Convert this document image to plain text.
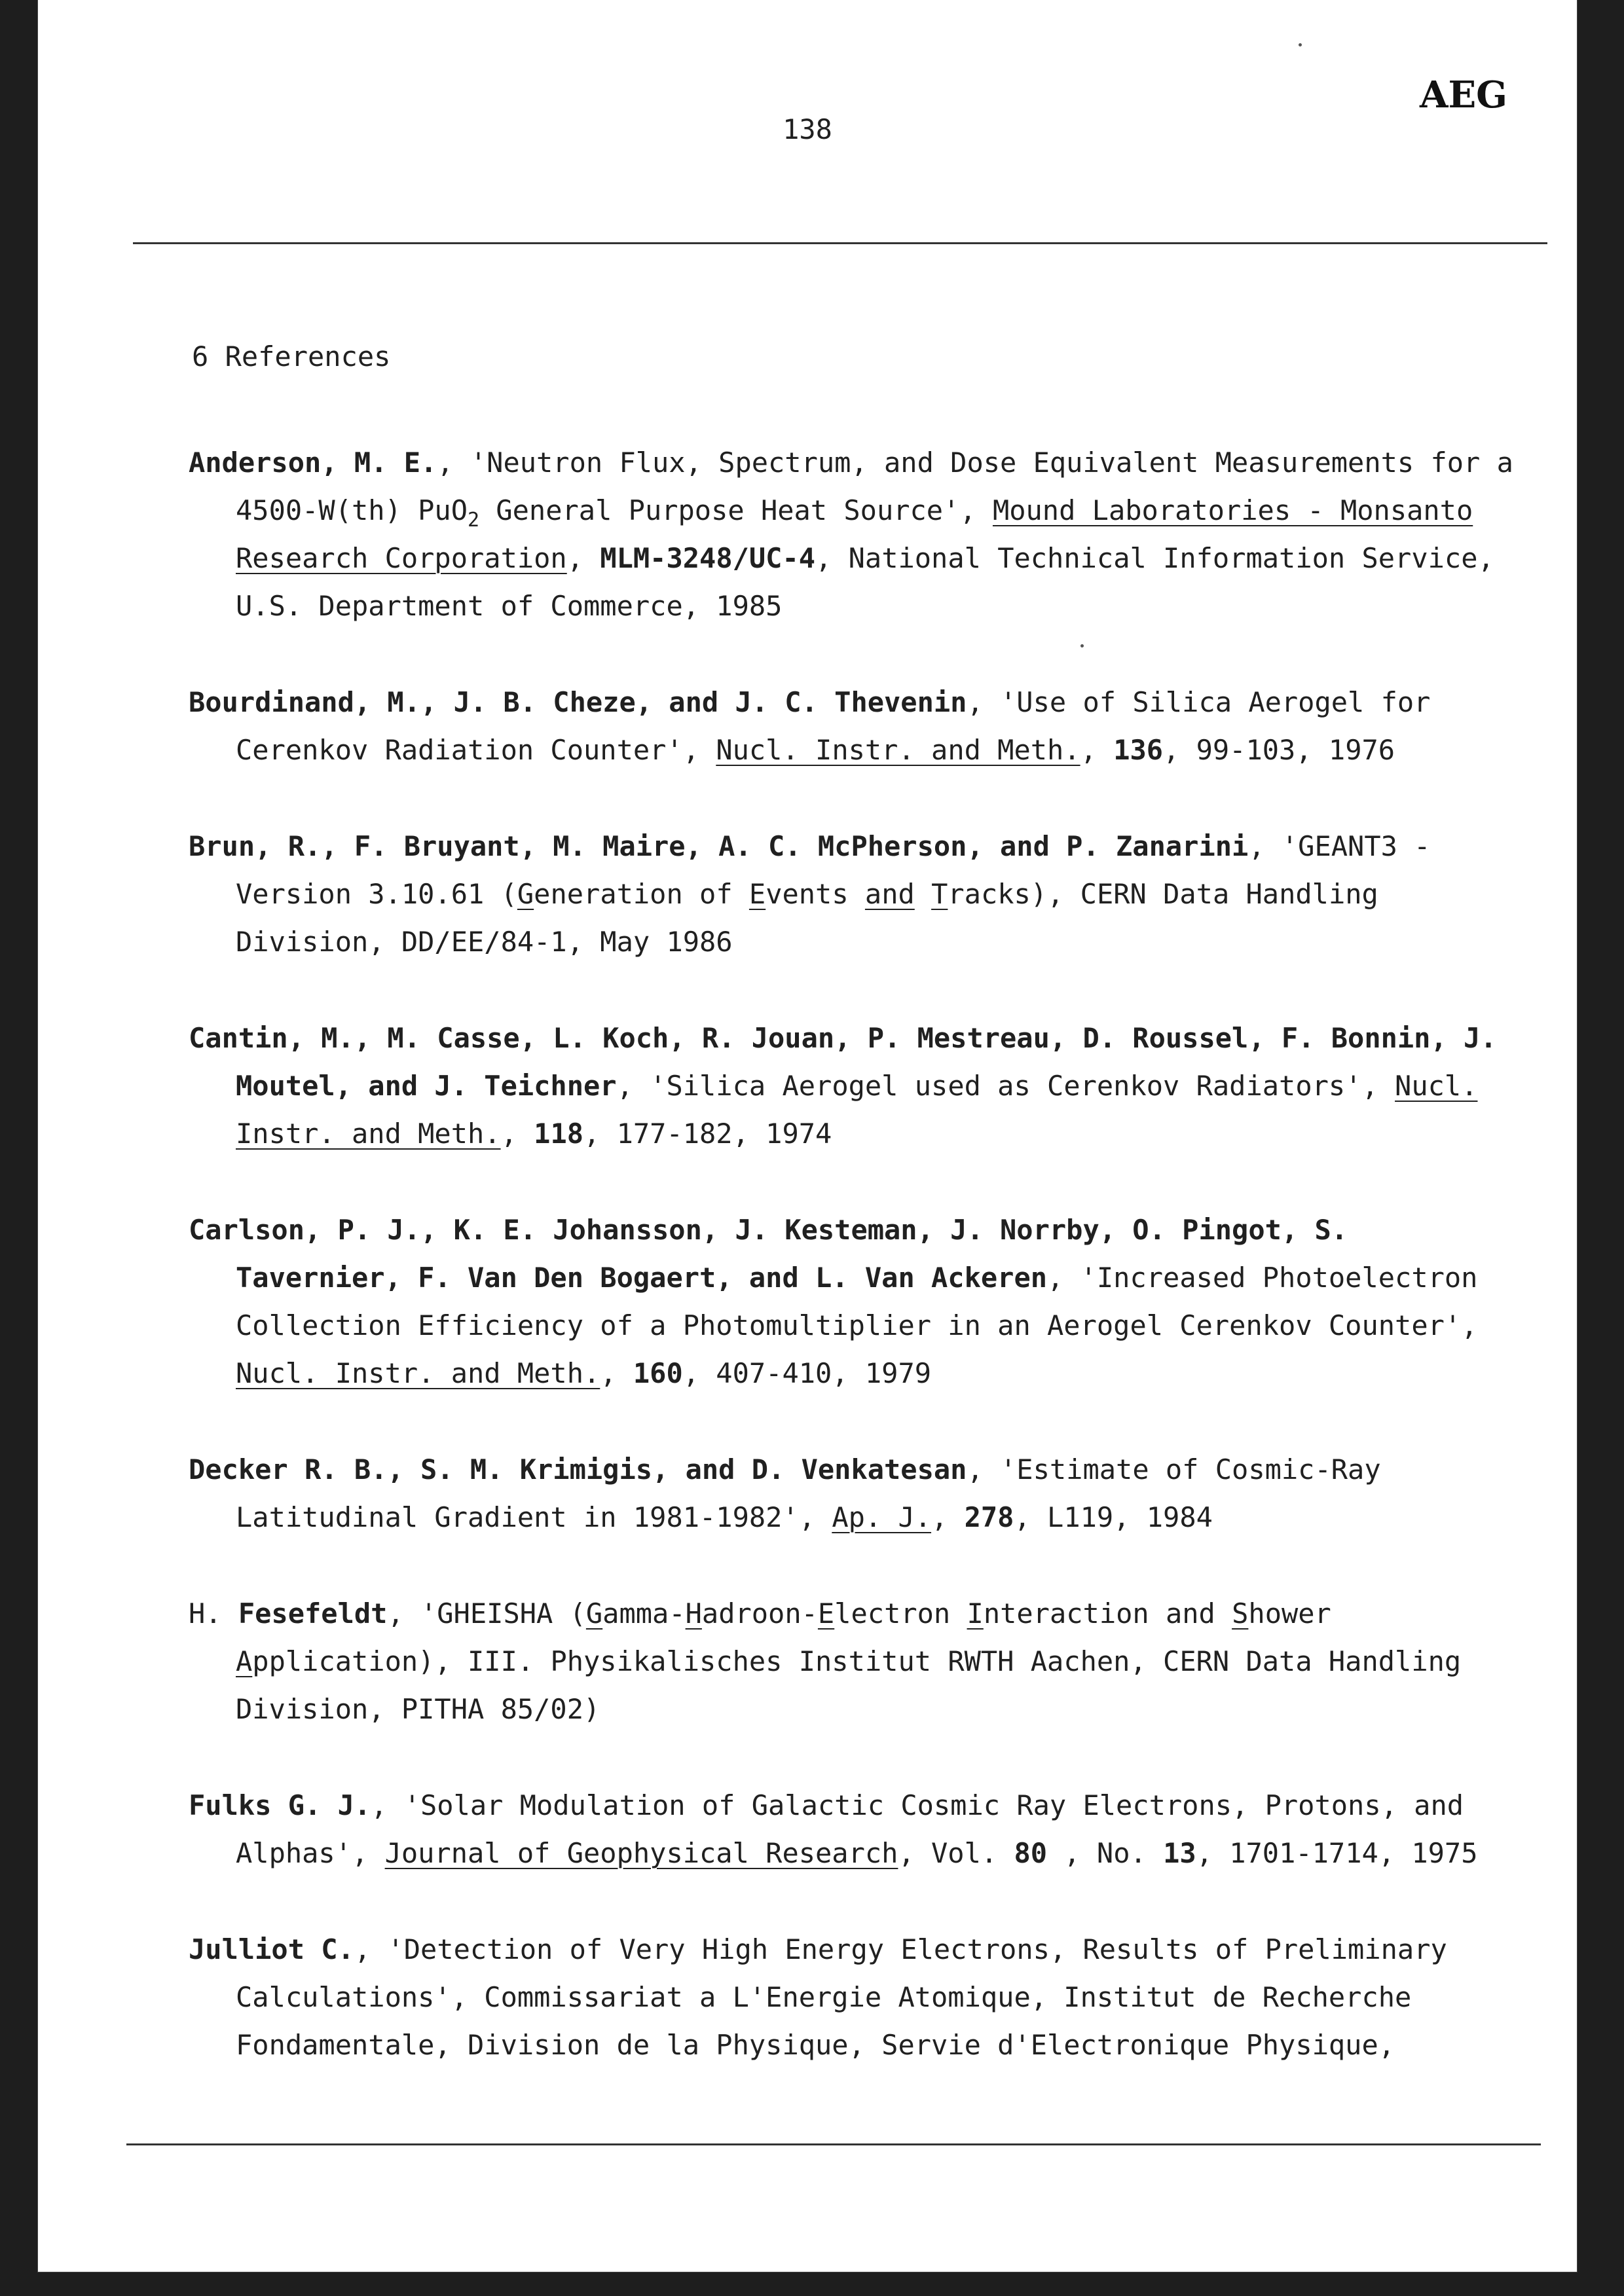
138
AEG
6 References

Anderson, M. E., 'Neutron Flux, Spectrum, and Dose Equivalent Measurements for a 4500-W(th) PuO$_2$ General Purpose Heat Source', Mound Laboratories - Monsanto Research Corporation, MLM-3248/UC-4, National Technical Information Service, U.S. Department of Commerce, 1985

Bourdinand, M., J. B. Cheze, and J. C. Thevenin, 'Use of Silica Aerogel for Cerenkov Radiation Counter', Nucl. Instr. and Meth., 136, 99-103, 1976

Brun, R., F. Bruyant, M. Maire, A. C. McPherson, and P. Zanarini, 'GEANT3 - Version 3.10.61 (Generation of Events and Tracks), CERN Data Handling Division, DD/EE/84-1, May 1986

Cantin, M., M. Casse, L. Koch, R. Jouan, P. Mestreau, D. Roussel, F. Bonnin, J. Moutel, and J. Teichner, 'Silica Aerogel used as Cerenkov Radiators', Nucl. Instr. and Meth., 118, 177-182, 1974

Carlson, P. J., K. E. Johansson, J. Kesteman, J. Norrby, O. Pingot, S. Tavernier, F. Van Den Bogaert, and L. Van Ackeren, 'Increased Photoelectron Collection Efficiency of a Photomultiplier in an Aerogel Cerenkov Counter', Nucl. Instr. and Meth., 160, 407-410, 1979

Decker R. B., S. M. Krimigis, and D. Venkatesan, 'Estimate of Cosmic-Ray Latitudinal Gradient in 1981-1982', Ap. J., 278, L119, 1984

H. Fesefeldt, 'GHEISHA (Gamma-Hadroon-Electron Interaction and Shower Application), III. Physikalisches Institut RWTH Aachen, CERN Data Handling Division, PITHA 85/02)

Fulks G. J., 'Solar Modulation of Galactic Cosmic Ray Electrons, Protons, and Alphas', Journal of Geophysical Research, Vol. 80 , No. 13, 1701-1714, 1975

Julliot C., 'Detection of Very High Energy Electrons, Results of Preliminary Calculations', Commissariat a L'Energie Atomique, Institut de Recherche Fondamentale, Division de la Physique, Servie d'Electronique Physique,
